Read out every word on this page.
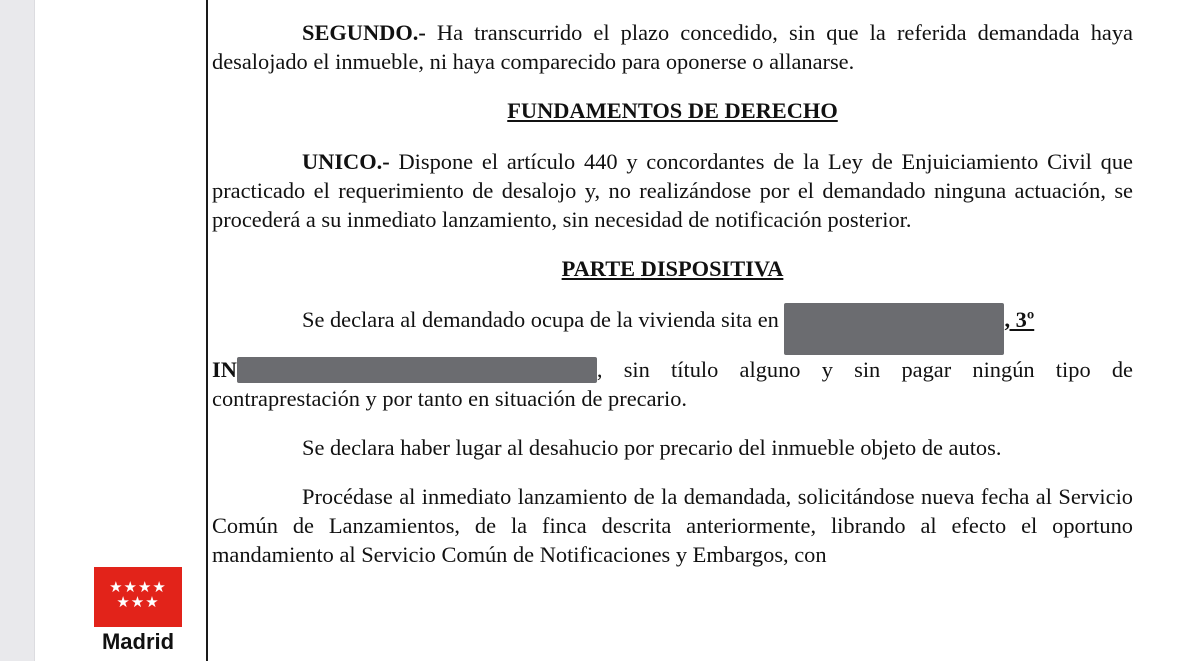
★★★★
★★★
Madrid

SEGUNDO.- Ha transcurrido el plazo concedido, sin que la referida demandada haya desalojado el inmueble, ni haya comparecido para oponerse o allanarse.

FUNDAMENTOS DE DERECHO

UNICO.- Dispone el artículo 440 y concordantes de la Ley de Enjuiciamiento Civil que practicado el requerimiento de desalojo y, no realizándose por el demandado ninguna actuación, se procederá a su inmediato lanzamiento, sin necesidad de notificación posterior.

PARTE DISPOSITIVA

Se declara al demandado ocupa de la vivienda sita en	, 3º
IN	, sin título alguno y sin pagar ningún tipo de contraprestación y por tanto en situación de precario.

Se declara haber lugar al desahucio por precario del inmueble objeto de autos.

Procédase al inmediato lanzamiento de la demandada, solicitándose nueva fecha al Servicio Común de Lanzamientos, de la finca descrita anteriormente, librando al efecto el oportuno mandamiento al Servicio Común de Notificaciones y Embargos, con
